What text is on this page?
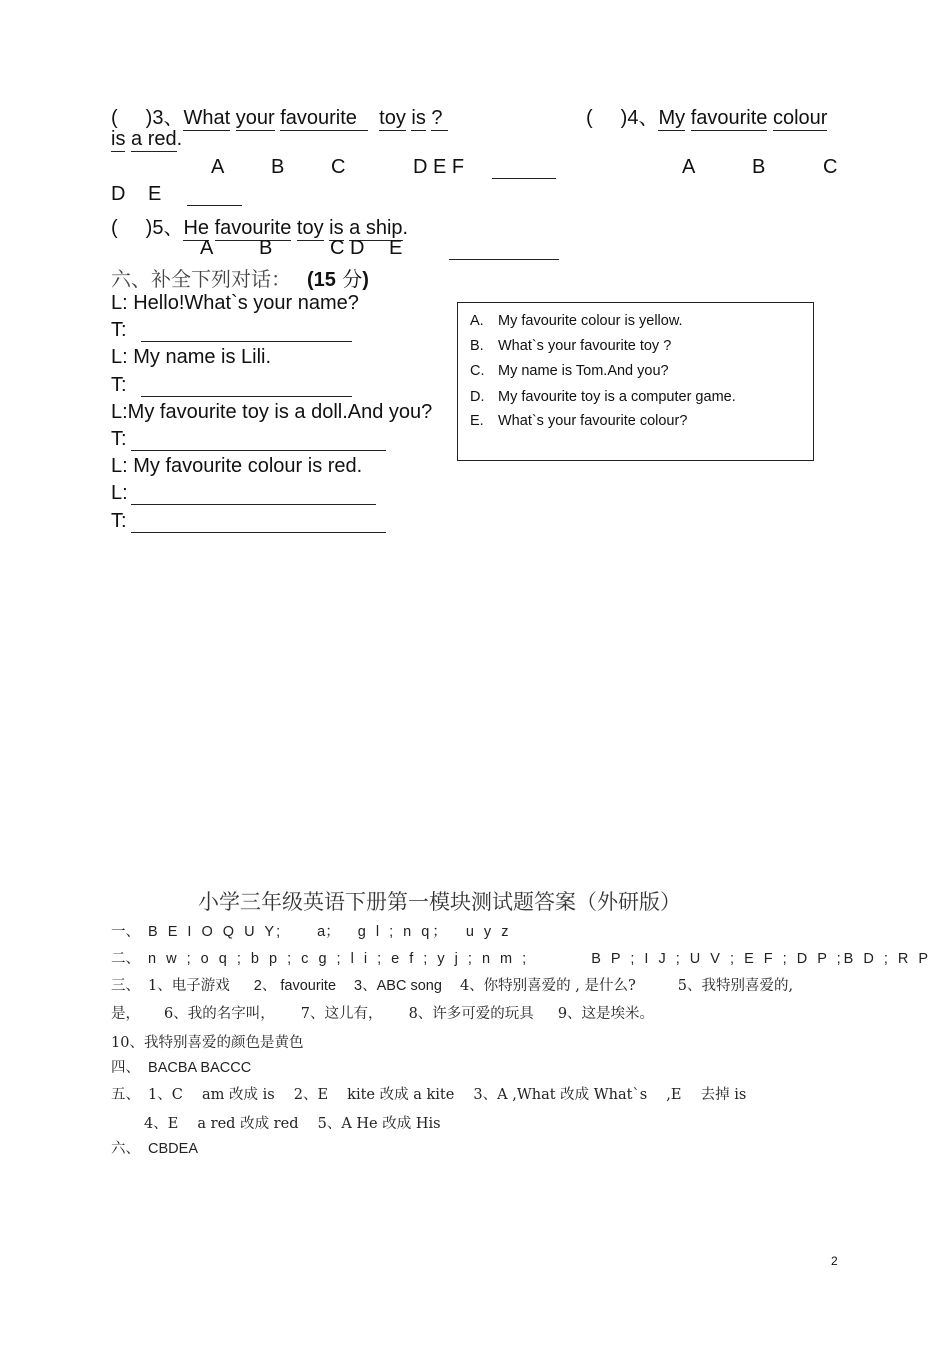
( )3、What your favourite toy is ?	( )4、My favourite colour
is a red.
A B C	D E F	A	B	C
D E
( )5、He favourite toy is a ship.
A B	C D E
六、补全下列对话： (15 分)
L: Hello!What`s your name?
T:
L: My name is Lili.
T:
L:My favourite toy is a doll.And you?
T:
L: My favourite colour is red.
L:
T:
A. My favourite colour is yellow.
B. What`s your favourite toy ?
C. My name is Tom.And you?
D. My favourite toy is a computer game.
E. What`s your favourite colour?
小学三年级英语下册第一模块测试题答案（外研版）
一、 B E I O Q U Y; a； g l ; n q； u y z
二、 n w ; o q ; b p ; c g ; l i ; e f ; y j ; n m ;	B P ; I J ; U V ; E F ; D P ;B D ; R P
三、 1、电子游戏 2、 favourite 3、ABC song 4、你特别喜爱的 , 是什么?	5、我特别喜爱的,
是， 6、我的名字叫， 7、这儿有， 8、许多可爱的玩具 9、这是埃米。
10、我特别喜爱的颜色是黄色
四、 BACBA BACCC
五、 1、C　 am 改成 is　 2、E　 kite 改成 a kite　 3、A ,What 改成 What`s　 ,E　 去掉 is
4、E　 a red 改成 red　 5、A He 改成 His
六、 CBDEA
2
